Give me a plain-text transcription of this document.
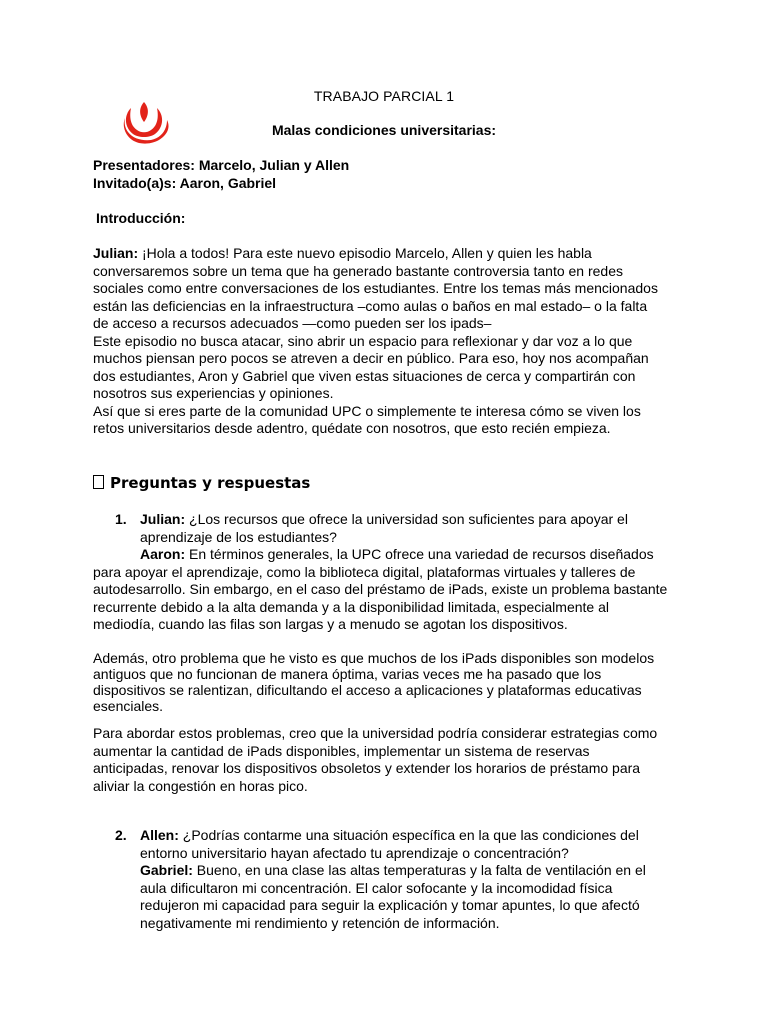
TRABAJO PARCIAL 1
Malas condiciones universitarias:
Presentadores: Marcelo, Julian y Allen
Invitado(a)s: Aaron, Gabriel
Introducción:
Julian: ¡Hola a todos! Para este nuevo episodio Marcelo, Allen y quien les habla
conversaremos sobre un tema que ha generado bastante controversia tanto en redes
sociales como entre conversaciones de los estudiantes. Entre los temas más mencionados
están las deficiencias en la infraestructura –como aulas o baños en mal estado– o la falta
de acceso a recursos adecuados —como pueden ser los ipads–
Este episodio no busca atacar, sino abrir un espacio para reflexionar y dar voz a lo que
muchos piensan pero pocos se atreven a decir en público. Para eso, hoy nos acompañan
dos estudiantes, Aron y Gabriel que viven estas situaciones de cerca y compartirán con
nosotros sus experiencias y opiniones.
Así que si eres parte de la comunidad UPC o simplemente te interesa cómo se viven los
retos universitarios desde adentro, quédate con nosotros, que esto recién empieza.
Preguntas y respuestas
1. Julian: ¿Los recursos que ofrece la universidad son suficientes para apoyar el
aprendizaje de los estudiantes?
Aaron: En términos generales, la UPC ofrece una variedad de recursos diseñados
para apoyar el aprendizaje, como la biblioteca digital, plataformas virtuales y talleres de
autodesarrollo. Sin embargo, en el caso del préstamo de iPads, existe un problema bastante
recurrente debido a la alta demanda y a la disponibilidad limitada, especialmente al
mediodía, cuando las filas son largas y a menudo se agotan los dispositivos.
Además, otro problema que he visto es que muchos de los iPads disponibles son modelos
antiguos que no funcionan de manera óptima, varias veces me ha pasado que los
dispositivos se ralentizan, dificultando el acceso a aplicaciones y plataformas educativas
esenciales.
Para abordar estos problemas, creo que la universidad podría considerar estrategias como
aumentar la cantidad de iPads disponibles, implementar un sistema de reservas
anticipadas, renovar los dispositivos obsoletos y extender los horarios de préstamo para
aliviar la congestión en horas pico.
2. Allen: ¿Podrías contarme una situación específica en la que las condiciones del
entorno universitario hayan afectado tu aprendizaje o concentración?
Gabriel: Bueno, en una clase las altas temperaturas y la falta de ventilación en el
aula dificultaron mi concentración. El calor sofocante y la incomodidad física
redujeron mi capacidad para seguir la explicación y tomar apuntes, lo que afectó
negativamente mi rendimiento y retención de información.
